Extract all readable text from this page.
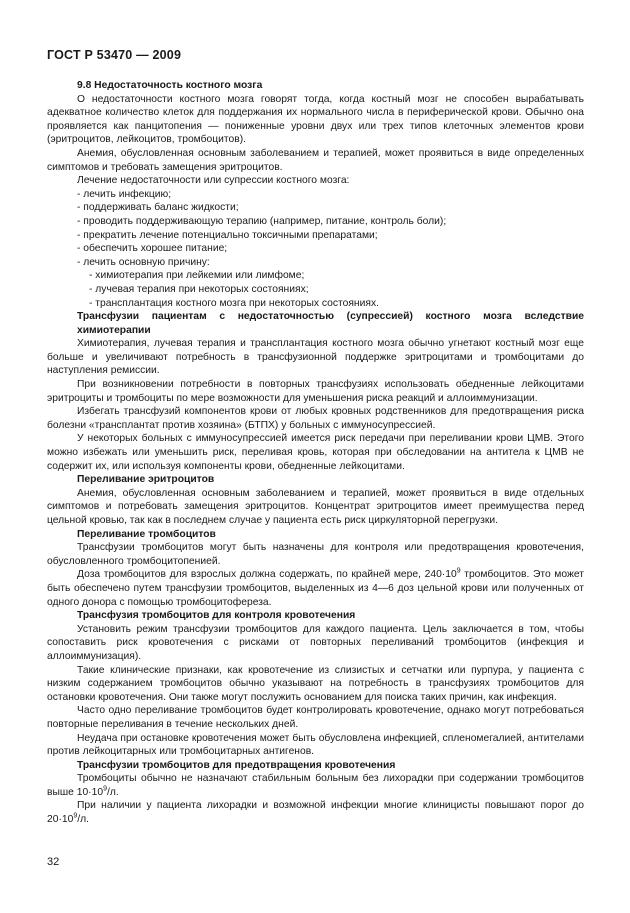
ГОСТ Р 53470 — 2009

9.8 Недостаточность костного мозга

О недостаточности костного мозга говорят тогда, когда костный мозг не способен вырабатывать адекватное количество клеток для поддержания их нормального числа в периферической крови. Обычно она проявляется как панцитопения — пониженные уровни двух или трех типов клеточных элементов крови (эритроцитов, лейкоцитов, тромбоцитов).

Анемия, обусловленная основным заболеванием и терапией, может проявиться в виде определенных симптомов и требовать замещения эритроцитов.

Лечение недостаточности или супрессии костного мозга:

- лечить инфекцию;

- поддерживать баланс жидкости;

- проводить поддерживающую терапию (например, питание, контроль боли);

- прекратить лечение потенциально токсичными препаратами;

- обеспечить хорошее питание;

- лечить основную причину:

- химиотерапия при лейкемии или лимфоме;

- лучевая терапия при некоторых состояниях;

- трансплантация костного мозга при некоторых состояниях.

Трансфузии пациентам с недостаточностью (супрессией) костного мозга вследствие химиотерапии

Химиотерапия, лучевая терапия и трансплантация костного мозга обычно угнетают костный мозг еще больше и увеличивают потребность в трансфузионной поддержке эритроцитами и тромбоцитами до наступления ремиссии.

При возникновении потребности в повторных трансфузиях использовать обедненные лейкоцитами эритроциты и тромбоциты по мере возможности для уменьшения риска реакций и аллоиммунизации.

Избегать трансфузий компонентов крови от любых кровных родственников для предотвращения риска болезни «трансплантат против хозяина» (БТПХ) у больных с иммуносупрессией.

У некоторых больных с иммуносупрессией имеется риск передачи при переливании крови ЦМВ. Этого можно избежать или уменьшить риск, переливая кровь, которая при обследовании на антитела к ЦМВ не содержит их, или используя компоненты крови, обедненные лейкоцитами.

Переливание эритроцитов

Анемия, обусловленная основным заболеванием и терапией, может проявиться в виде отдельных симптомов и потребовать замещения эритроцитов. Концентрат эритроцитов имеет преимущества перед цельной кровью, так как в последнем случае у пациента есть риск циркуляторной перегрузки.

Переливание тромбоцитов

Трансфузии тромбоцитов могут быть назначены для контроля или предотвращения кровотечения, обусловленного тромбоцитопенией.

Доза тромбоцитов для взрослых должна содержать, по крайней мере, $240\cdot 10^9$ тромбоцитов. Это может быть обеспечено путем трансфузии тромбоцитов, выделенных из 4—6 доз цельной крови или полученных от одного донора с помощью тромбоцитофереза.

Трансфузия тромбоцитов для контроля кровотечения

Установить режим трансфузии тромбоцитов для каждого пациента. Цель заключается в том, чтобы сопоставить риск кровотечения с рисками от повторных переливаний тромбоцитов (инфекция и аллоиммунизация).

Такие клинические признаки, как кровотечение из слизистых и сетчатки или пурпура, у пациента с низким содержанием тромбоцитов обычно указывают на потребность в трансфузиях тромбоцитов для остановки кровотечения. Они также могут послужить основанием для поиска таких причин, как инфекция.

Часто одно переливание тромбоцитов будет контролировать кровотечение, однако могут потребоваться повторные переливания в течение нескольких дней.

Неудача при остановке кровотечения может быть обусловлена инфекцией, спленомегалией, антителами против лейкоцитарных или тромбоцитарных антигенов.

Трансфузии тромбоцитов для предотвращения кровотечения

Тромбоциты обычно не назначают стабильным больным без лихорадки при содержании тромбоцитов выше $10\cdot 10^9/л$.

При наличии у пациента лихорадки и возможной инфекции многие клиницисты повышают порог до $20\cdot 10^9/л$.

32
